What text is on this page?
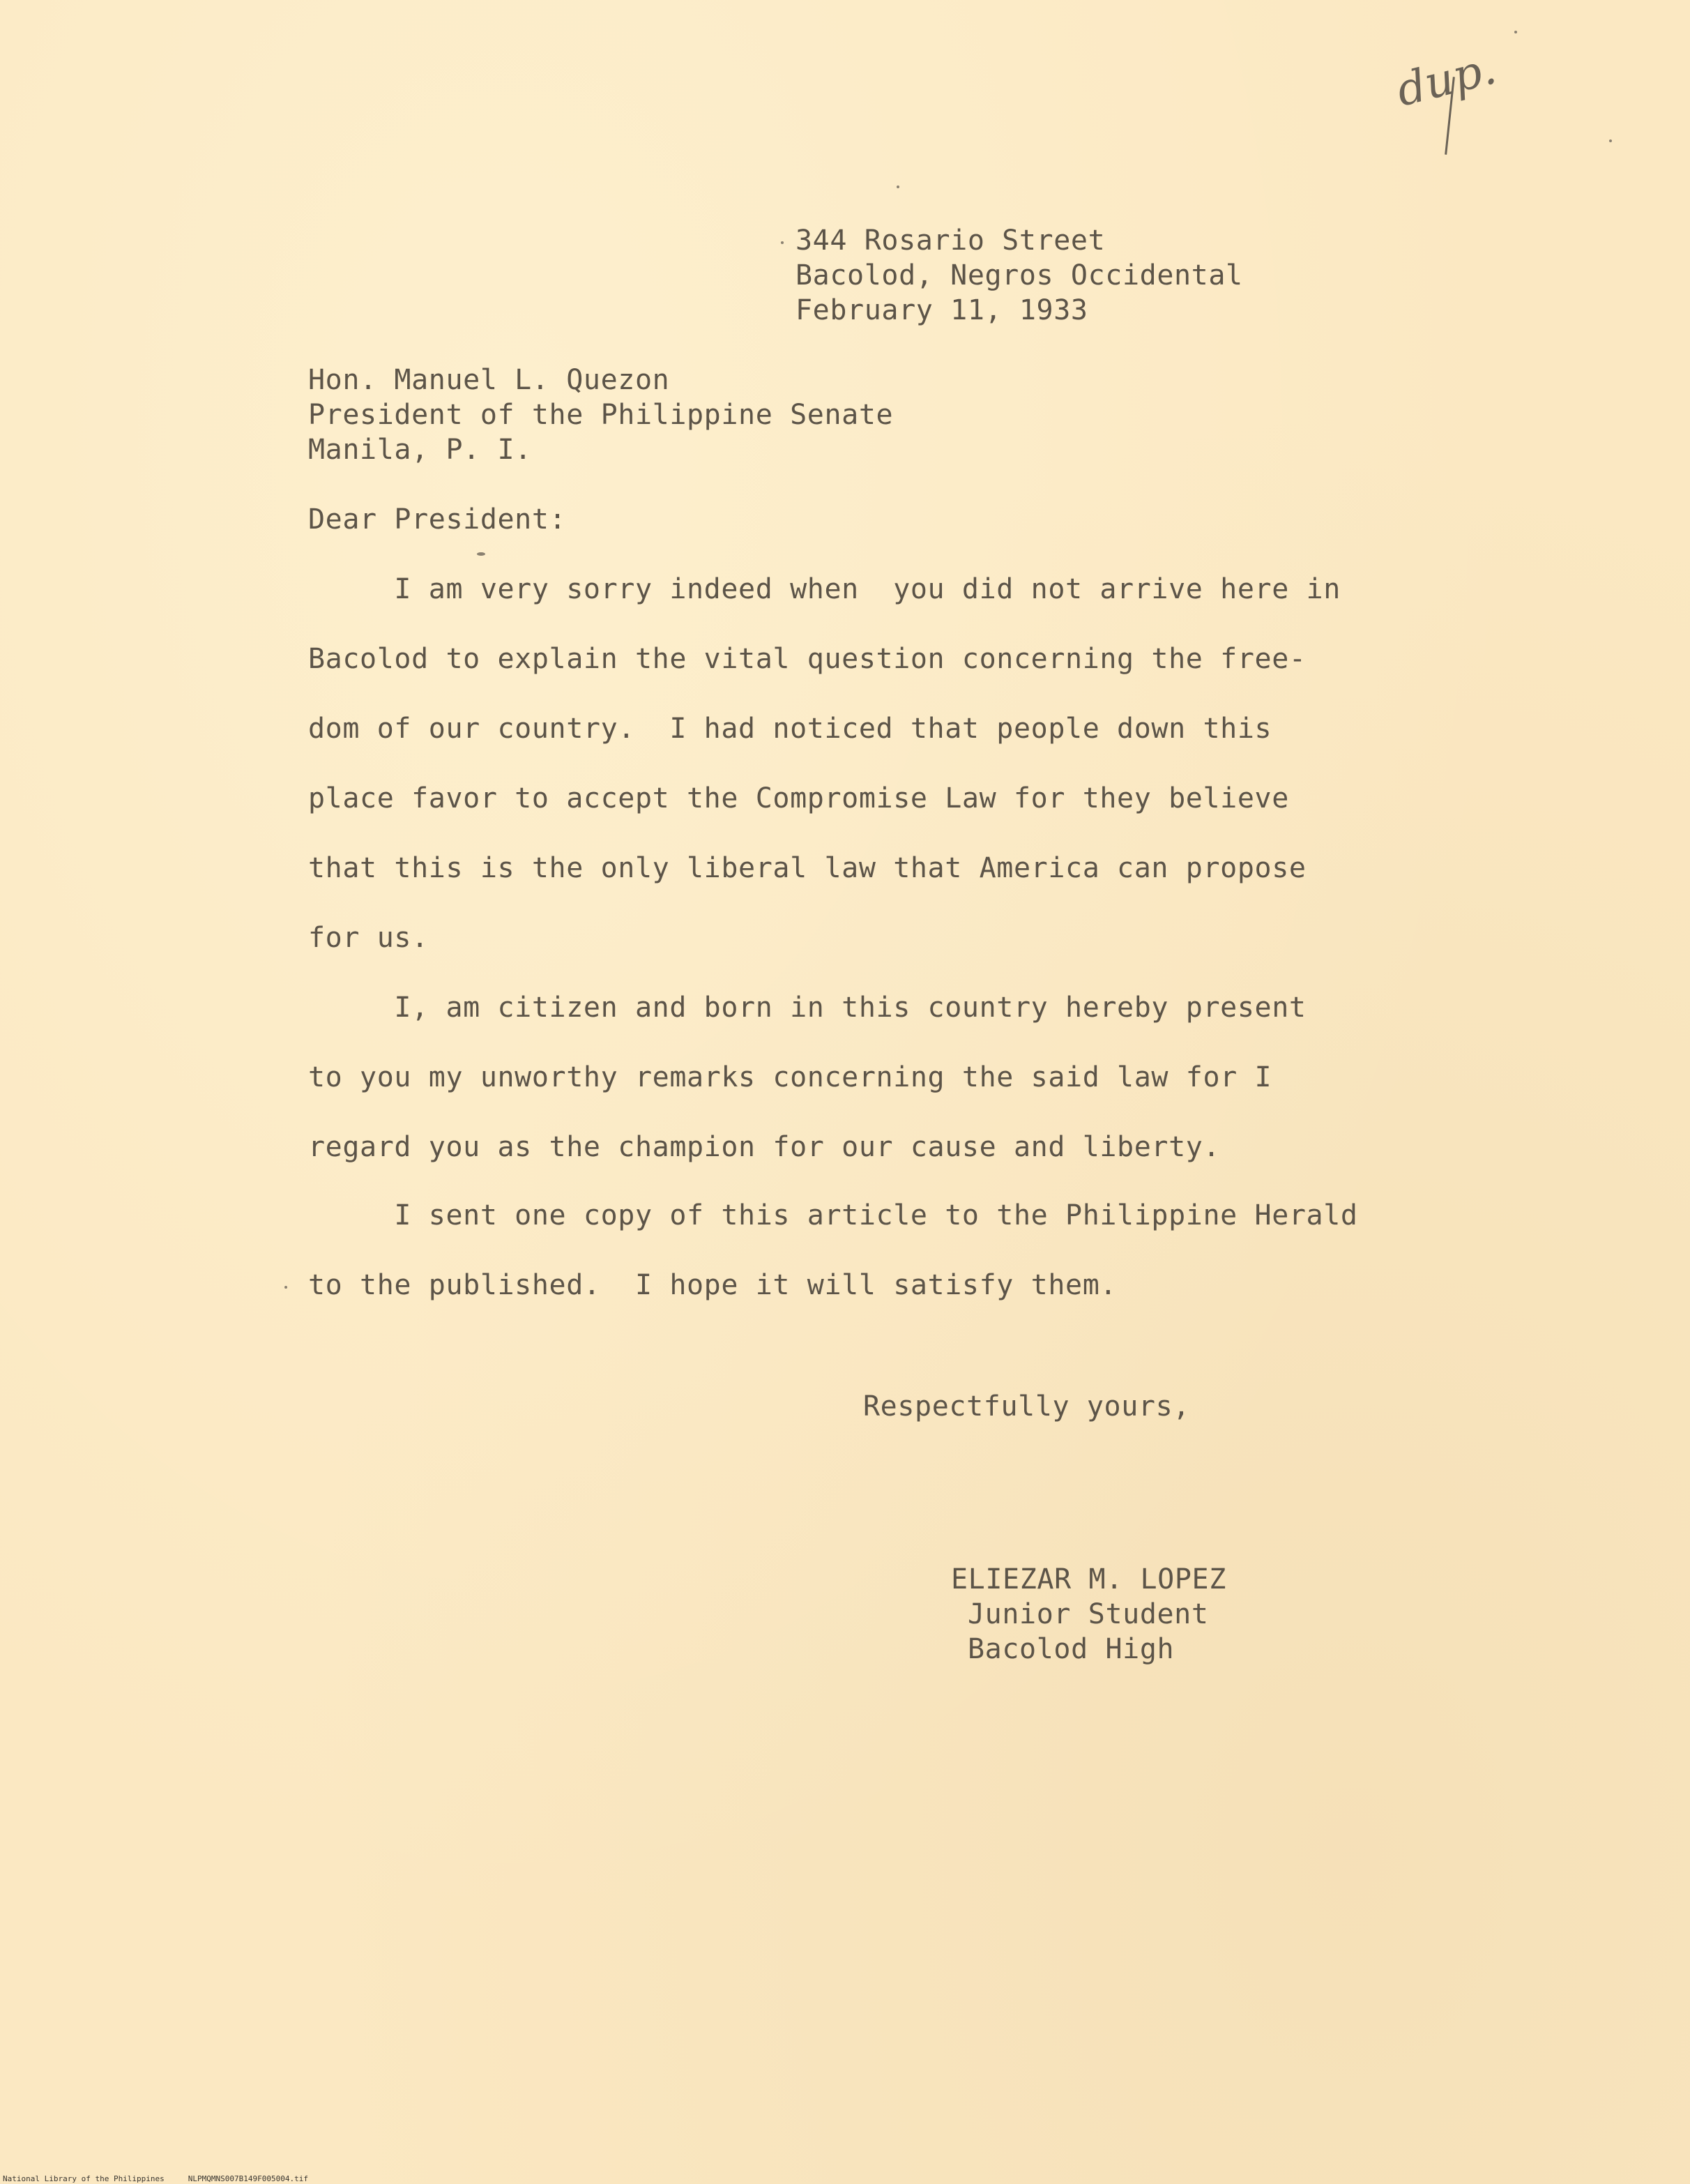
dup.

344 Rosario Street

Bacolod, Negros Occidental

February 11, 1933

Hon. Manuel L. Quezon

President of the Philippine Senate

Manila, P. I.

Dear President:

I am very sorry indeed when  you did not arrive here in

Bacolod to explain the vital question concerning the free-

dom of our country.  I had noticed that people down this

place favor to accept the Compromise Law for they believe

that this is the only liberal law that America can propose

for us.

I, am citizen and born in this country hereby present

to you my unworthy remarks concerning the said law for I

regard you as the champion for our cause and liberty.

I sent one copy of this article to the Philippine Herald

to the published.  I hope it will satisfy them.

Respectfully yours,

ELIEZAR M. LOPEZ

Junior Student

Bacolod High

National Library of the Philippines	NLPMQMNS007B149F005004.tif
